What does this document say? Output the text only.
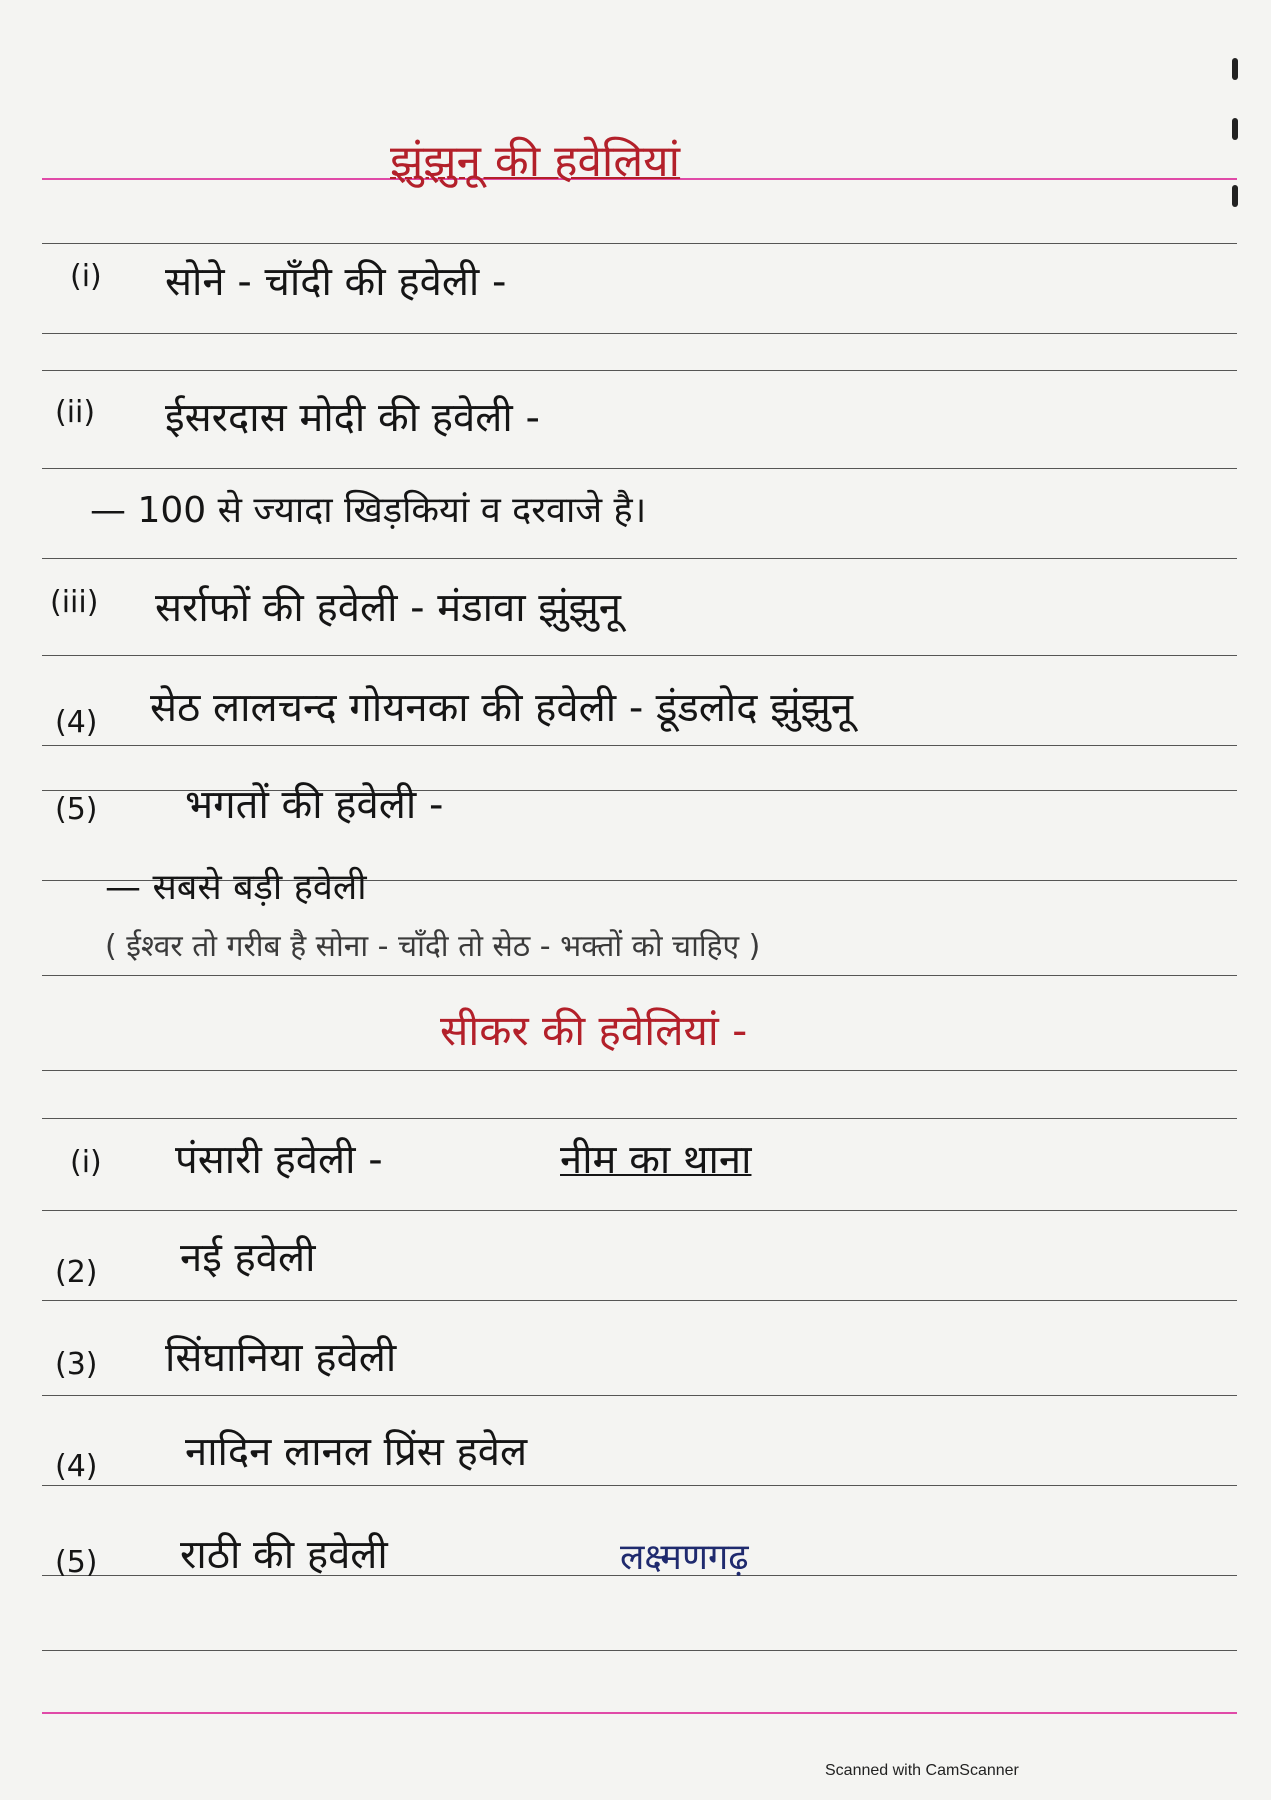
झुंझुनू की हवेलियां
(i) सोने - चाँदी की हवेली -
(ii) ईसरदास मोदी की हवेली -
— 100 से ज्यादा खिड़कियां व दरवाजे है।
(iii) सर्राफों की हवेली - मंडावा झुंझुनू
(4) सेठ लालचन्द गोयनका की हवेली - डूंडलोद झुंझुनू
(5) भगतों की हवेली -
— सबसे बड़ी हवेली
( ईश्वर तो गरीब है सोना - चाँदी तो सेठ - भक्तों को चाहिए )
सीकर की हवेलियां -
(i) पंसारी हवेली -	नीम का थाना
(2) नई हवेली
(3) सिंघानिया हवेली
(4) नादिन लानल प्रिंस हवेल
(5) राठी की हवेली	लक्ष्मणगढ़
Scanned with CamScanner
